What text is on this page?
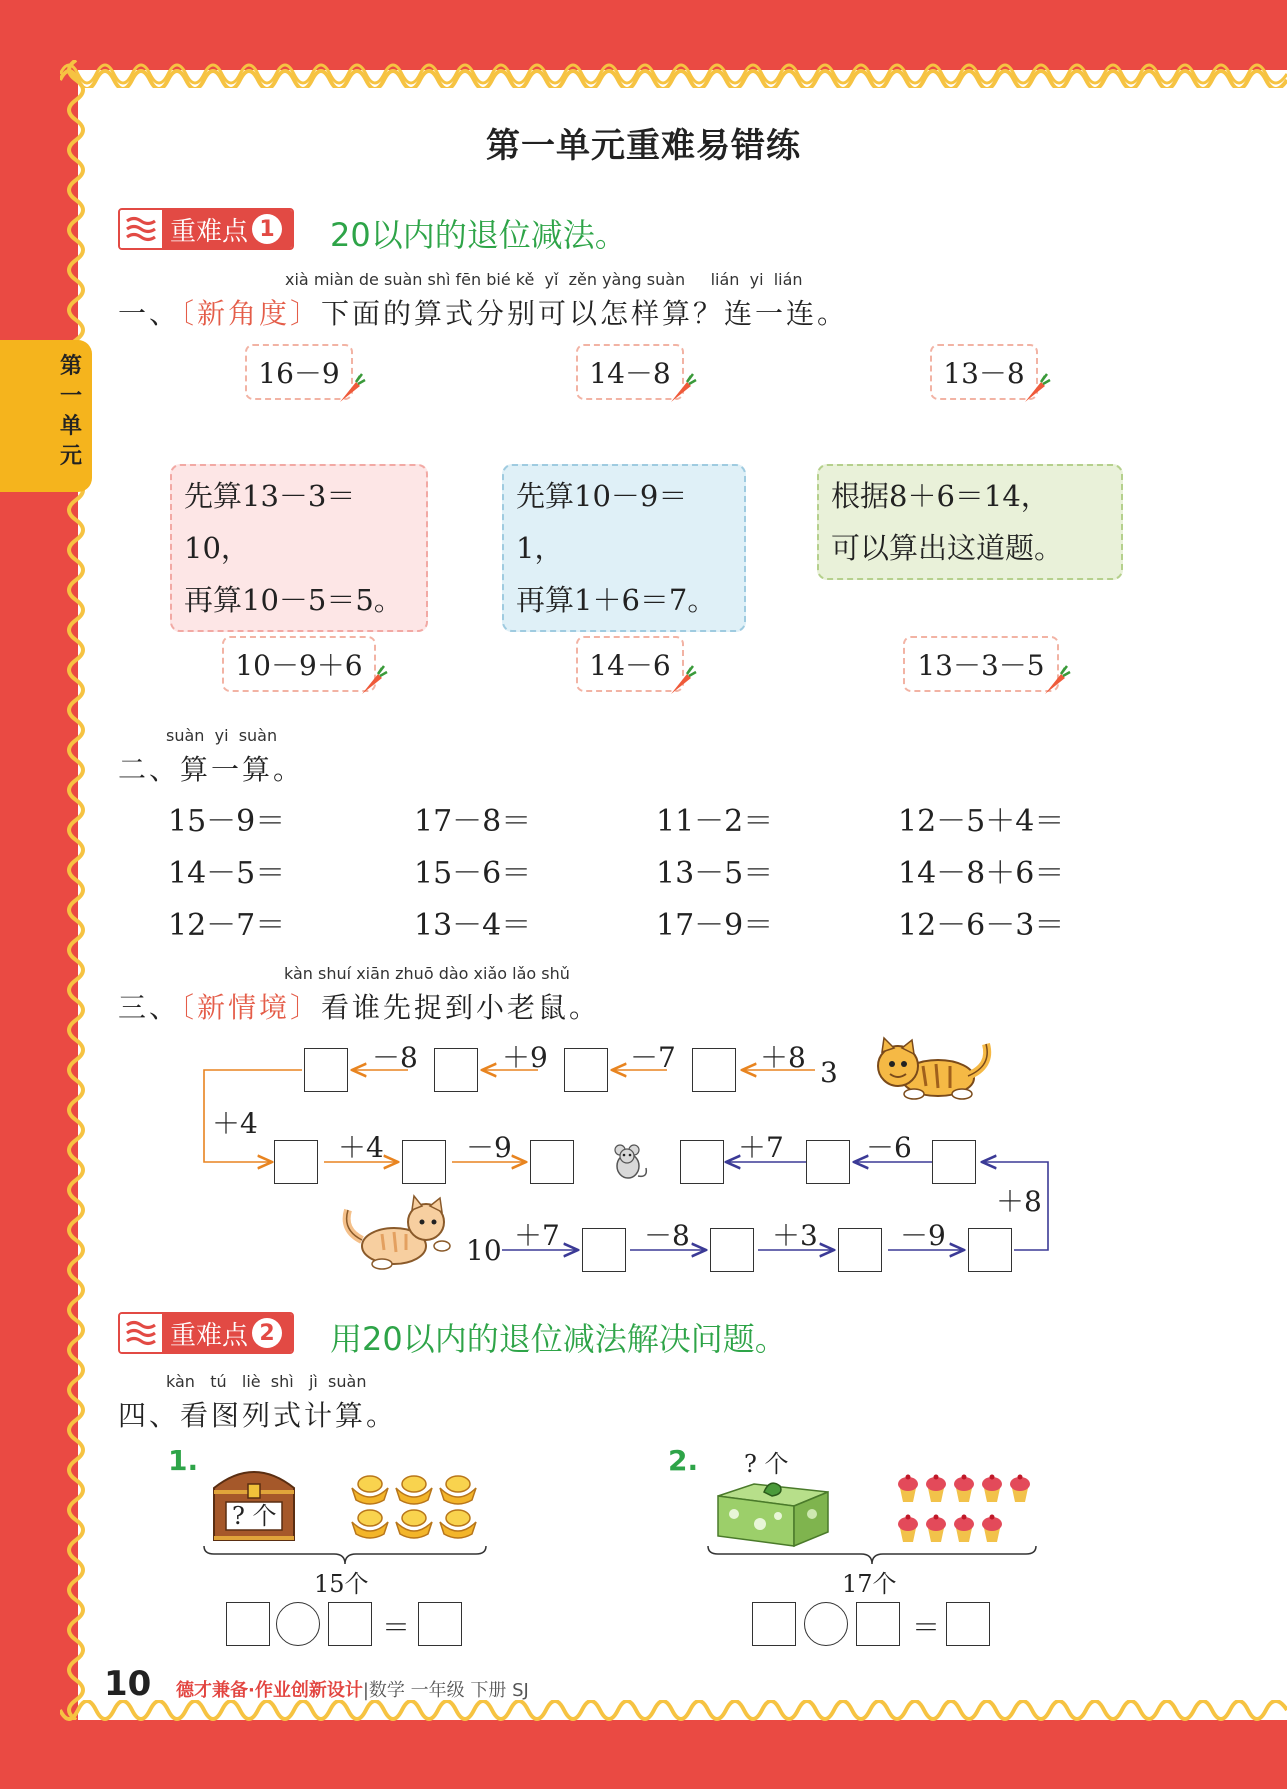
第一单元
第一单元重难易错练
重难点 1 20以内的退位减法。
xià miàn de suàn shì fēn bié kě yǐ zěn yàng suàn lián yi lián
一、〔新角度〕下面的算式分别可以怎样算？连一连。
16－9	14－8	13－8
先算13－3＝10，
再算10－5＝5。
先算10－9＝1，
再算1＋6＝7。
根据8＋6＝14，
可以算出这道题。
10－9＋6	14－6	13－3－5
suàn yi suàn
二、算一算。
15－9＝	17－8＝	11－2＝	12－5＋4＝
14－5＝	15－6＝	13－5＝	14－8＋6＝
12－7＝	13－4＝	17－9＝	12－6－3＝
kàn shuí xiān zhuō dào xiǎo lǎo shǔ
三、〔新情境〕看谁先捉到小老鼠。
－8	＋9	－7	＋8 3
＋4
＋4	－9	＋7	－6
＋8
10 ＋7	－8	＋3	－9
重难点 2 用20以内的退位减法解决问题。
kàn tú liè shì jì suàn
四、看图列式计算。
1.
? 个
15个
＝
2. ? 个
17个
＝
10 德才兼备·作业创新设计|数学 一年级 下册 SJ
